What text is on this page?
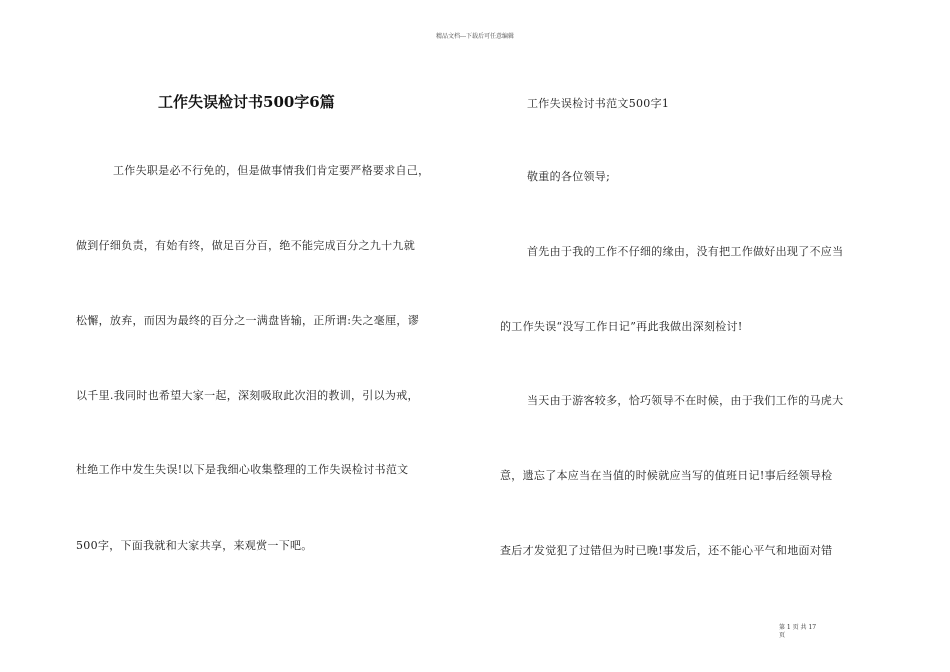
精品文档---下载后可任意编辑
工作失误检讨书500字6篇
工作失职是必不行免的，但是做事情我们肯定要严格要求自己，
做到仔细负责，有始有终，做足百分百，绝不能完成百分之九十九就
松懈，放弃，而因为最终的百分之一满盘皆输，正所谓:失之毫厘，谬
以千里.我同时也希望大家一起，深刻吸取此次泪的教训，引以为戒，
杜绝工作中发生失误!以下是我细心收集整理的工作失误检讨书范文
500字，下面我就和大家共享，来观赏一下吧。
工作失误检讨书范文500字1
敬重的各位领导;
首先由于我的工作不仔细的缘由，没有把工作做好出现了不应当
的工作失误“没写工作日记”再此我做出深刻检讨!
当天由于游客较多，恰巧领导不在时候，由于我们工作的马虎大
意，遗忘了本应当在当值的时候就应当写的值班日记!事后经领导检
查后才发觉犯了过错但为时已晚!事发后，还不能心平气和地面对错
第 1 页 共 17
页
